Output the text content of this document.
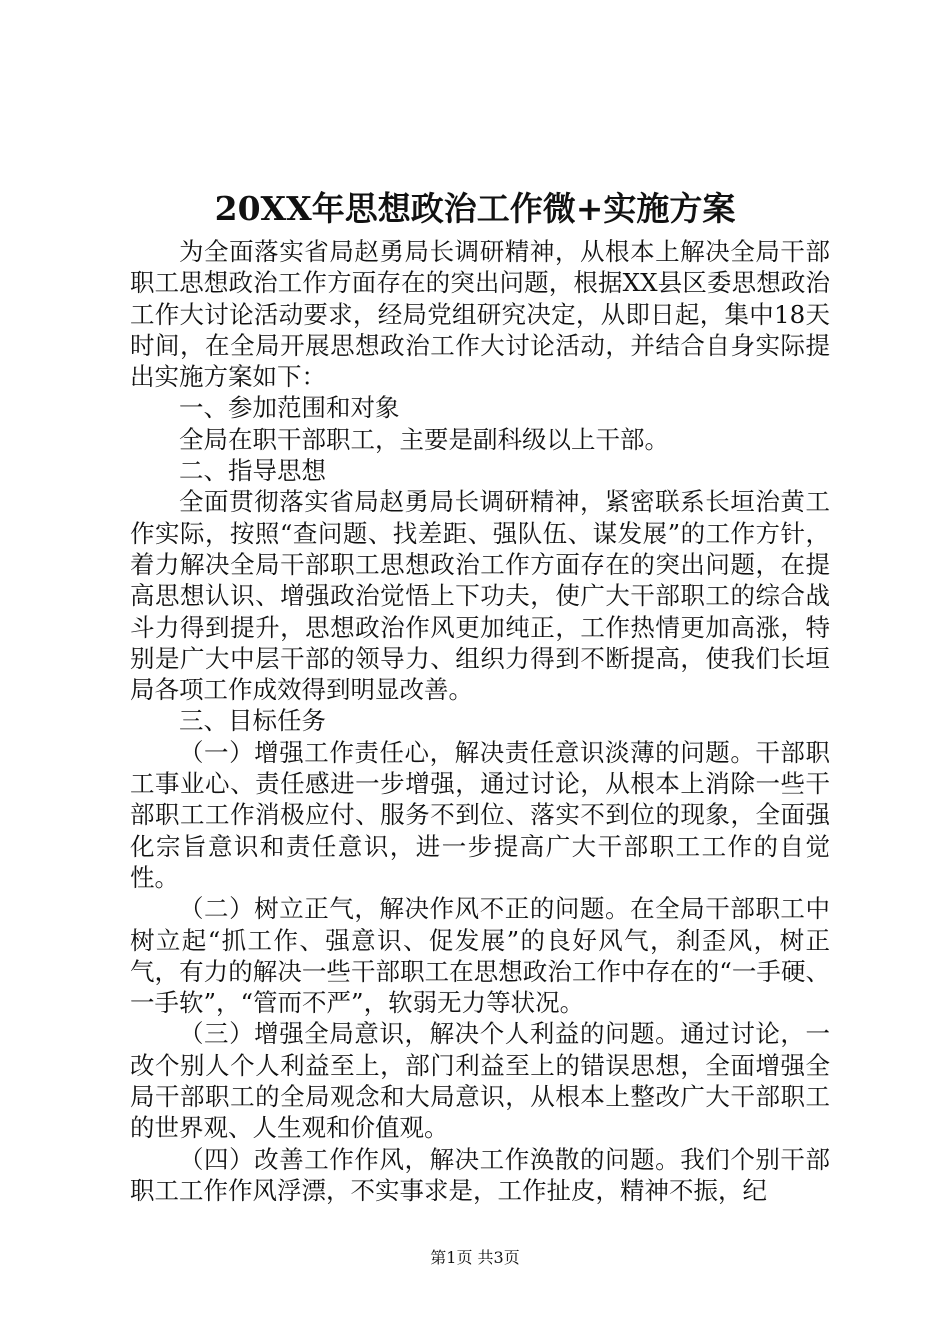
20XX年思想政治工作微+实施方案

为全面落实省局赵勇局长调研精神，从根本上解决全局干部职工思想政治工作方面存在的突出问题，根据XX县区委思想政治工作大讨论活动要求，经局党组研究决定，从即日起，集中18天时间，在全局开展思想政治工作大讨论活动，并结合自身实际提出实施方案如下：

一、参加范围和对象

全局在职干部职工，主要是副科级以上干部。

二、指导思想

全面贯彻落实省局赵勇局长调研精神，紧密联系长垣治黄工作实际，按照“查问题、找差距、强队伍、谋发展”的工作方针，着力解决全局干部职工思想政治工作方面存在的突出问题，在提高思想认识、增强政治觉悟上下功夫，使广大干部职工的综合战斗力得到提升，思想政治作风更加纯正，工作热情更加高涨，特别是广大中层干部的领导力、组织力得到不断提高，使我们长垣局各项工作成效得到明显改善。

三、目标任务

（一）增强工作责任心，解决责任意识淡薄的问题。干部职工事业心、责任感进一步增强，通过讨论，从根本上消除一些干部职工工作消极应付、服务不到位、落实不到位的现象，全面强化宗旨意识和责任意识，进一步提高广大干部职工工作的自觉性。

（二）树立正气，解决作风不正的问题。在全局干部职工中树立起“抓工作、强意识、促发展”的良好风气，刹歪风，树正气，有力的解决一些干部职工在思想政治工作中存在的“一手硬、一手软”，“管而不严”，软弱无力等状况。

（三）增强全局意识，解决个人利益的问题。通过讨论，一改个别人个人利益至上，部门利益至上的错误思想，全面增强全局干部职工的全局观念和大局意识，从根本上整改广大干部职工的世界观、人生观和价值观。

（四）改善工作作风，解决工作涣散的问题。我们个别干部职工工作作风浮漂，不实事求是，工作扯皮，精神不振，纪

第1页 共3页
